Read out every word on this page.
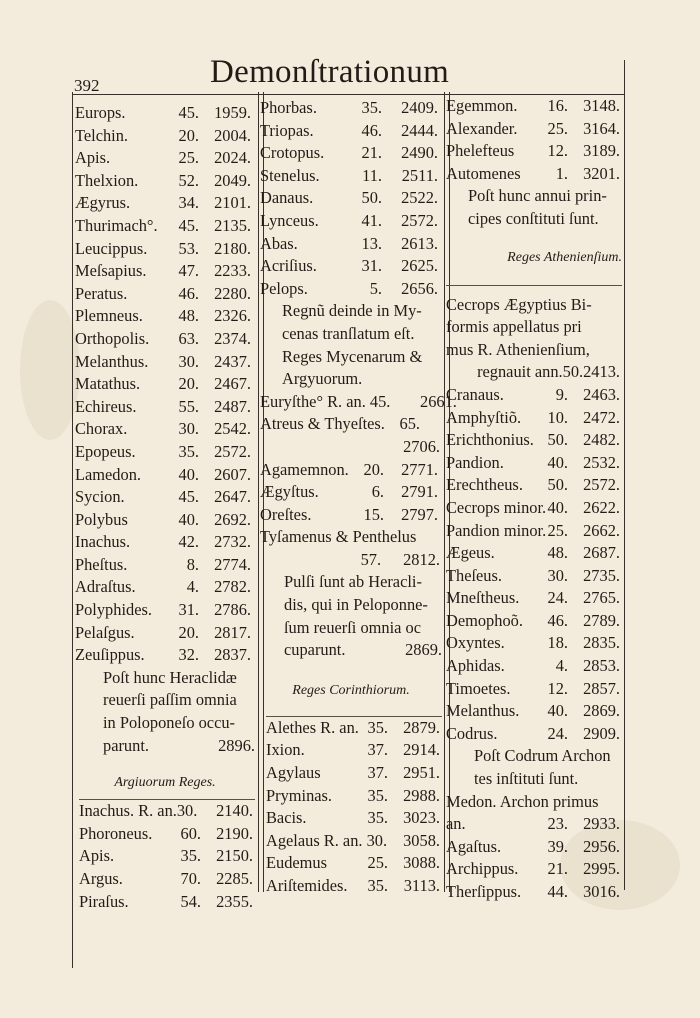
392	Demonſtrationum
Europs.	45. 1959.
Telchin.	20. 2004.
Apis.	25. 2024.
Thelxion.	52. 2049.
Ægyrus.	34. 2101.
Thurimach°.	45. 2135.
Leucippus.	53. 2180.
Meſsapius.	47. 2233.
Peratus.	46. 2280.
Plemneus.	48. 2326.
Orthopolis.	63. 2374.
Melanthus.	30. 2437.
Matathus.	20. 2467.
Echireus.	55. 2487.
Chorax.	30. 2542.
Epopeus.	35. 2572.
Lamedon.	40. 2607.
Sycion.	45. 2647.
Polybus	40. 2692.
Inachus.	42. 2732.
Pheſtus.	8. 2774.
Adraſtus.	4. 2782.
Polyphides.	31. 2786.
Pelaſgus.	20. 2817.
Zeuſippus.	32. 2837.
Poſt hunc Heraclidæ
reuerſi paſſim omnia
in Poloponeſo occu-
parunt.	2896.
Argiuorum Reges.
Inachus. R. an.30.	2140.
Phoroneus.	60. 2190.
Apis.	35. 2150.
Argus.	70. 2285.
Piraſus.	54. 2355.
Phorbas.	35.	2409.
Triopas.	46.	2444.
Crotopus.	21.	2490.
Stenelus.	11.	2511.
Danaus.	50.	2522.
Lynceus.	41.	2572.
Abas.	13.	2613.
Acriſius.	31.	2625.
Pelops.	5.	2656.
Regnũ deinde in My-
cenas tranſlatum eſt.
Reges Mycenarum &
Argyuorum.
Euryſthe° R. an. 45. 2661.
Atreus & Thyeſtes. 65.
2706.
Agamemnon. 20.	2771.
Ægyſtus.	6.	2791.
Oreſtes.	15.	2797.
Tyſamenus & Penthelus
57. 2812.
Pulſi ſunt ab Heracli-
dis, qui in Peloponne-
ſum reuerſi omnia oc
cuparunt.	2869.
Reges Corinthiorum.
Alethes R. an. 35. 2879.
Ixion.	37. 2914.
Agylaus	37. 2951.
Pryminas.	35. 2988.
Bacis.	35. 3023.
Agelaus R. an. 30. 3058.
Eudemus	25. 3088.
Ariſtemides.	35. 3113.
Egemmon.	16. 3148.
Alexander.	25. 3164.
Phelefteus	12. 3189.
Automenes	1. 3201.
Poſt hunc annui prin-
cipes conſtituti ſunt.
Reges Athenienſium.
Cecrops Ægyptius Bi-
formis appellatus pri
mus R. Athenienſium,
regnauit ann.50.2413.
Cranaus.	9. 2463.
Amphyſtiõ.	10. 2472.
Erichthonius. 50. 2482.
Pandion.	40. 2532.
Erechtheus.	50. 2572.
Cecrops minor. 40. 2622.
Pandion minor. 25. 2662.
Ægeus.	48. 2687.
Theſeus.	30. 2735.
Mneſtheus.	24. 2765.
Demophoõ.	46. 2789.
Oxyntes.	18. 2835.
Aphidas.	4. 2853.
Timoetes.	12. 2857.
Melanthus.	40. 2869.
Codrus.	24. 2909.
Poſt Codrum Archon
tes inſtituti ſunt.
Medon. Archon primus
an.	23. 2933.
Agaſtus.	39. 2956.
Archippus.	21. 2995.
Therſippus.	44. 3016.
